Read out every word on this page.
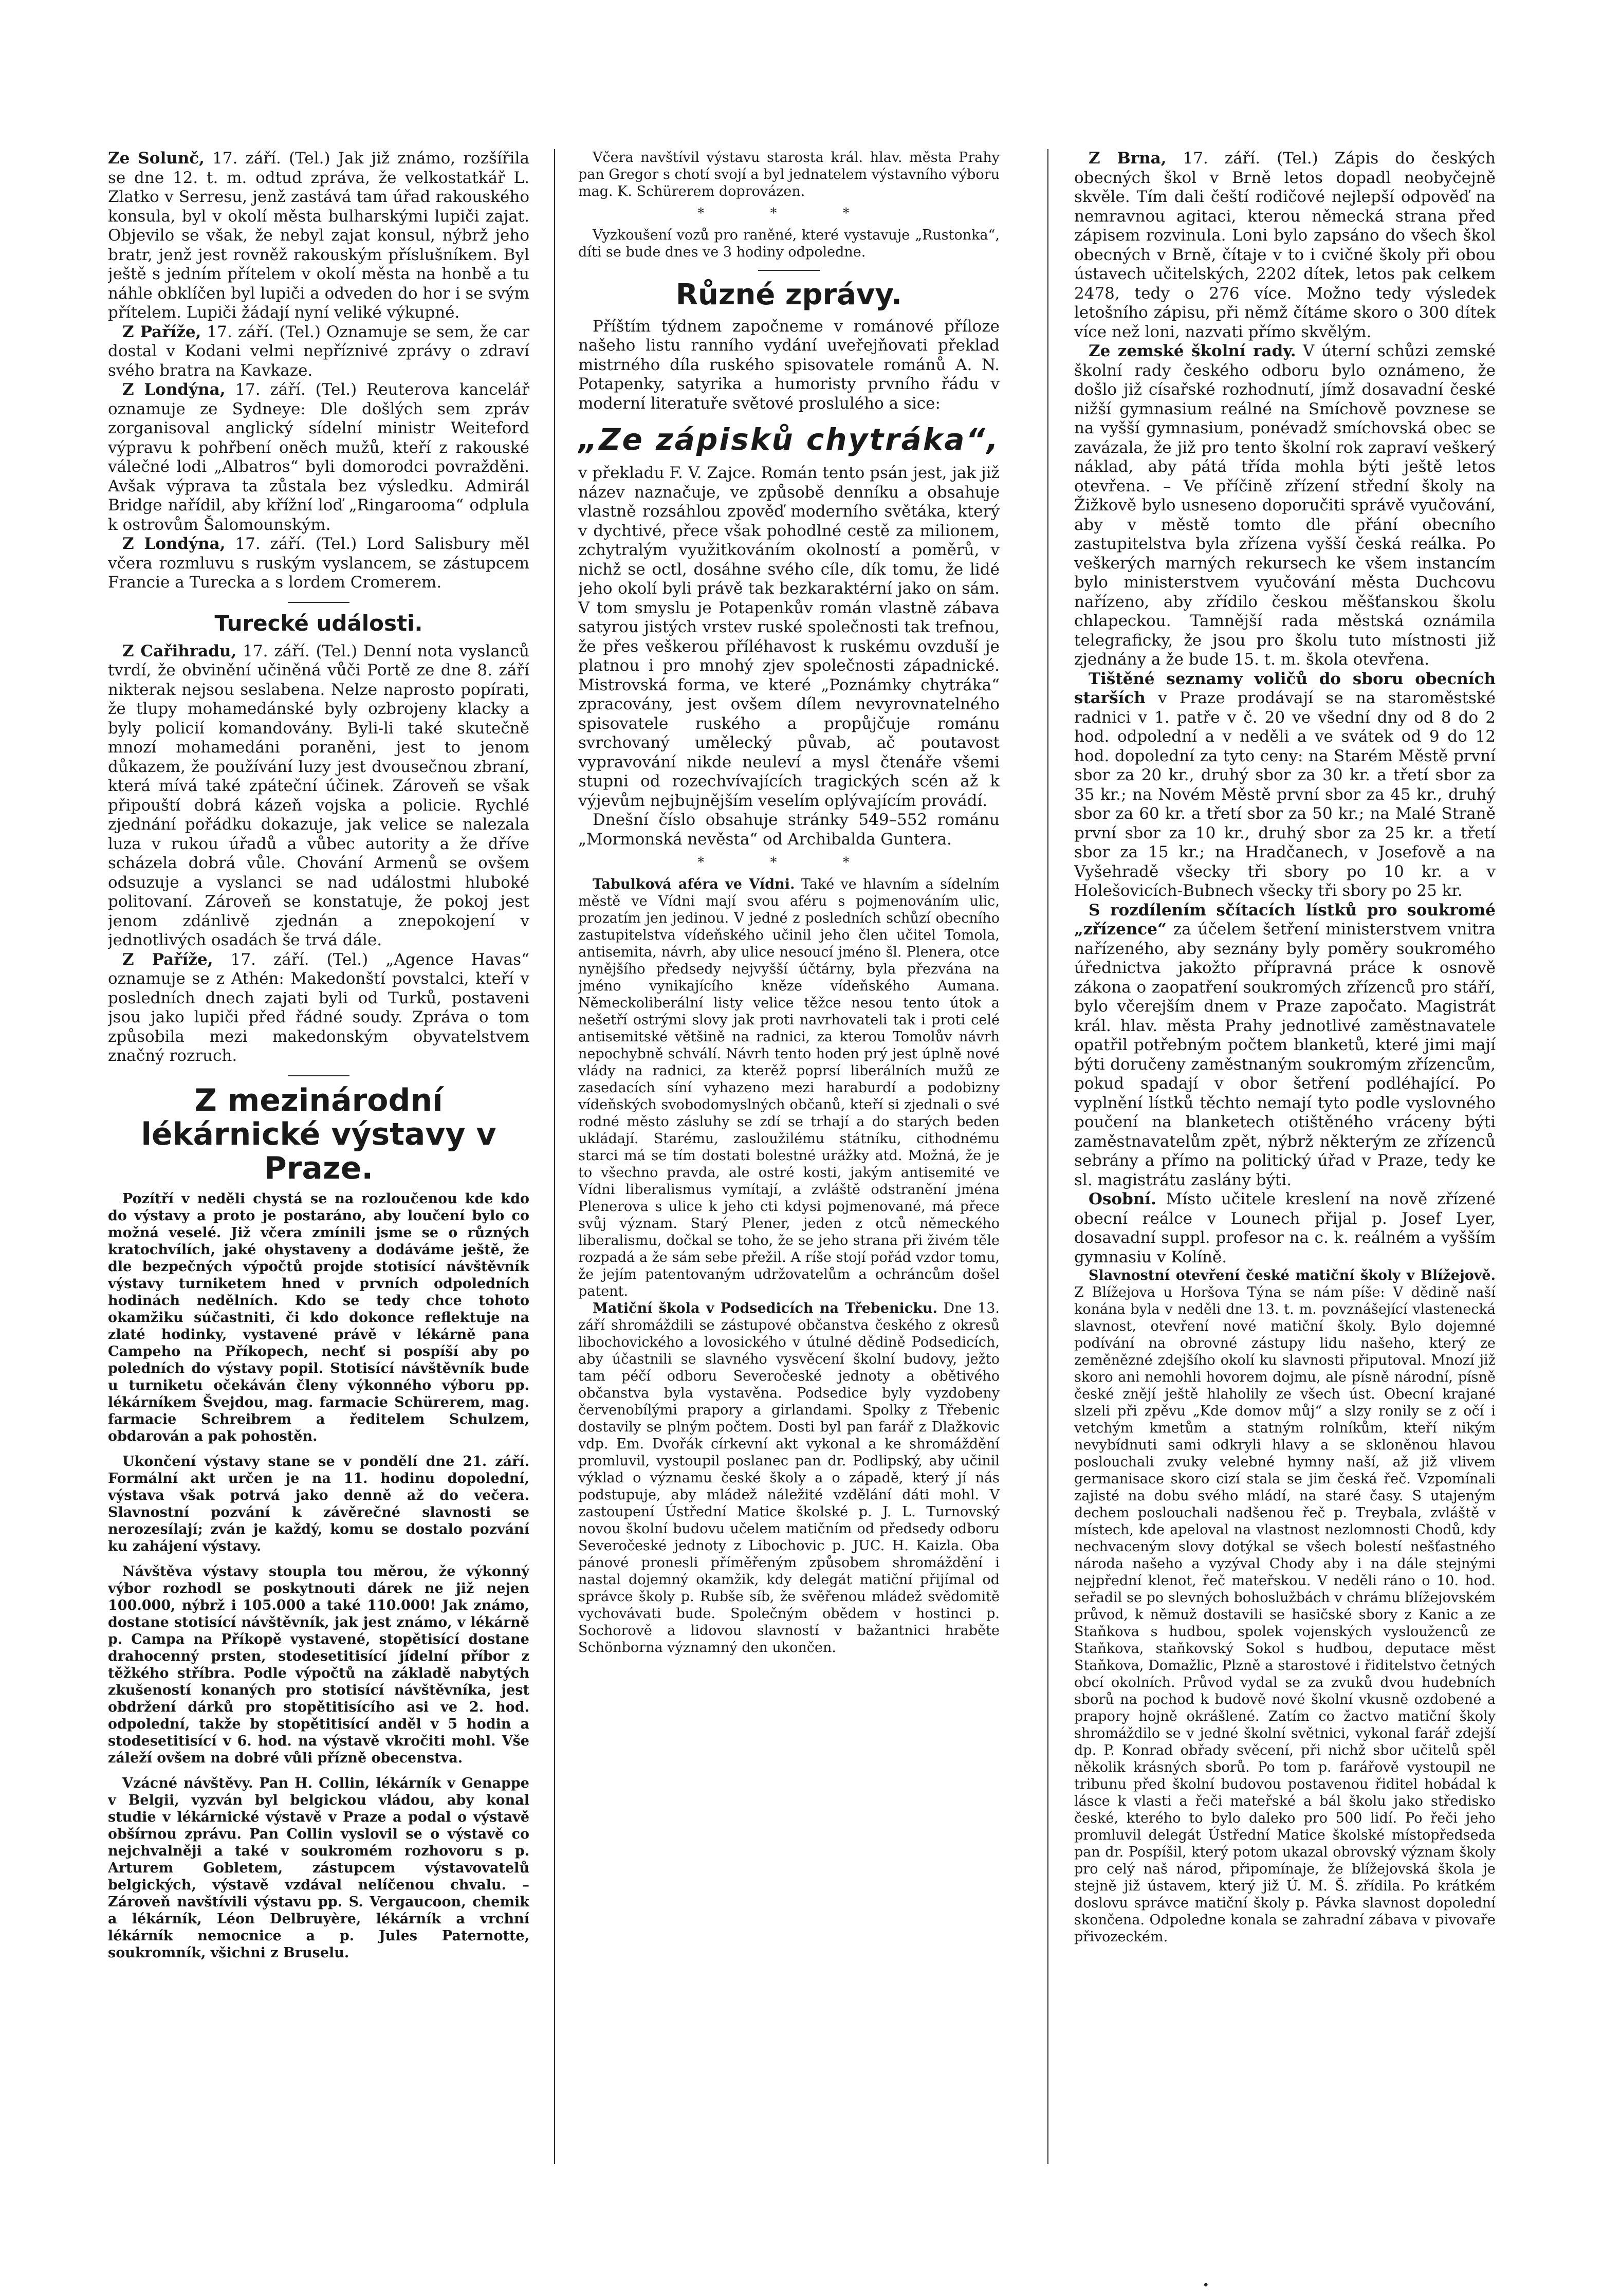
Ze Solunč, 17. září. (Tel.) Jak již známo, rozšířila se dne 12. t. m. odtud zpráva, že velkostatkář L. Zlatko v Serresu, jenž zastává tam úřad rakouského konsula, byl v okolí města bulharskými lupiči zajat. Objevilo se však, že nebyl zajat konsul, nýbrž jeho bratr, jenž jest rovněž rakouským příslušníkem. Byl ještě s jedním přítelem v okolí města na honbě a tu náhle obklíčen byl lupiči a odveden do hor i se svým přítelem. Lupiči žádají nyní veliké výkupné.

Z Paříže, 17. září. (Tel.) Oznamuje se sem, že car dostal v Kodani velmi nepříznivé zprávy o zdraví svého bratra na Kavkaze.

Z Londýna, 17. září. (Tel.) Reuterova kancelář oznamuje ze Sydneye: Dle došlých sem zpráv zorganisoval anglický sídelní ministr Weiteford výpravu k pohřbení oněch mužů, kteří z rakouské válečné lodi „Albatros“ byli domorodci povražděni. Avšak výprava ta zůstala bez výsledku. Admirál Bridge nařídil, aby křížní loď „Ringarooma“ odplula k ostrovům Šalomounským.

Z Londýna, 17. září. (Tel.) Lord Salisbury měl včera rozmluvu s ruským vyslancem, se zástupcem Francie a Turecka a s lordem Cromerem.

Turecké události.

Z Cařihradu, 17. září. (Tel.) Denní nota vyslanců tvrdí, že obvinění učiněná vůči Portě ze dne 8. září nikterak nejsou seslabena. Nelze naprosto popírati, že tlupy mohamedánské byly ozbrojeny klacky a byly policií komandovány. Byli-li také skutečně mnozí mohamedáni poraněni, jest to jenom důkazem, že používání luzy jest dvousečnou zbraní, která mívá také zpáteční účinek. Zároveň se však připouští dobrá kázeň vojska a policie. Rychlé zjednání pořádku dokazuje, jak velice se nalezala luza v rukou úřadů a vůbec autority a že dříve scházela dobrá vůle. Chování Armenů se ovšem odsuzuje a vyslanci se nad událostmi hluboké politovaní. Zároveň se konstatuje, že pokoj jest jenom zdánlivě zjednán a znepokojení v jednotlivých osadách še trvá dále.

Z Paříže, 17. září. (Tel.) „Agence Havas“ oznamuje se z Athén: Makedonští povstalci, kteří v posledních dnech zajati byli od Turků, postaveni jsou jako lupiči před řádné soudy. Zpráva o tom způsobila mezi makedonským obyvatelstvem značný rozruch.

Z mezinárodní lékárnické výstavy v Praze.

Pozítří v neděli chystá se na rozloučenou kde kdo do výstavy a proto je postaráno, aby loučení bylo co možná veselé. Již včera zmínili jsme se o různých kratochvílích, jaké ohystaveny a dodáváme ještě, že dle bezpečných výpočtů projde stotisící návštěvník výstavy turniketem hned v prvních odpoledních hodinách nedělních. Kdo se tedy chce tohoto okamžiku súčastniti, či kdo dokonce reflektuje na zlaté hodinky, vystavené právě v lékárně pana Campeho na Příkopech, nechť si pospíší aby po poledních do výstavy popil. Stotisící návštěvník bude u turniketu očekáván členy výkonného výboru pp. lékárníkem Švejdou, mag. farmacie Schürerem, mag. farmacie Schreibrem a ředitelem Schulzem, obdarován a pak pohostěn.

Ukončení výstavy stane se v pondělí dne 21. září. Formální akt určen je na 11. hodinu dopolední, výstava však potrvá jako denně až do večera. Slavnostní pozvání k závěrečné slavnosti se nerozesílají; zván je každý, komu se dostalo pozvání ku zahájení výstavy.

Návštěva výstavy stoupla tou měrou, že výkonný výbor rozhodl se poskytnouti dárek ne již nejen 100.000, nýbrž i 105.000 a také 110.000! Jak známo, dostane stotisící návštěvník, jak jest známo, v lékárně p. Campa na Příkopě vystavené, stopětisící dostane drahocenný prsten, stodesetitisící jídelní příbor z těžkého stříbra. Podle výpočtů na základě nabytých zkušeností konaných pro stotisící návštěvníka, jest obdržení dárků pro stopětitisícího asi ve 2. hod. odpolední, takže by stopětitisící anděl v 5 hodin a stodesetitisící v 6. hod. na výstavě vkročiti mohl. Vše záleží ovšem na dobré vůli přízně obecenstva.

Vzácné návštěvy. Pan H. Collin, lékárník v Genappe v Belgii, vyzván byl belgickou vládou, aby konal studie v lékárnické výstavě v Praze a podal o výstavě obšírnou zprávu. Pan Collin vyslovil se o výstavě co nejchvalněji a také v soukromém rozhovoru s p. Arturem Gobletem, zástupcem výstavovatelů belgických, výstavě vzdával nelíčenou chvalu. – Zároveň navštívili výstavu pp. S. Vergaucoon, chemik a lékárník, Léon Delbruyère, lékárník a vrchní lékárník nemocnice a p. Jules Paternotte, soukromník, všichni z Bruselu.

Včera navštívil výstavu starosta král. hlav. města Prahy pan Gregor s chotí svojí a byl jednatelem výstavního výboru mag. K. Schürerem doprovázen.

* * *

Vyzkoušení vozů pro raněné, které vystavuje „Rustonka“, díti se bude dnes ve 3 hodiny odpoledne.

Různé zprávy.

Příštím týdnem započneme v románové příloze našeho listu ranního vydání uveřejňovati překlad mistrného díla ruského spisovatele románů A. N. Potapenky, satyrika a humoristy prvního řádu v moderní literatuře světové proslulého a sice:

„Ze zápisků chytráka“,

v překladu F. V. Zajce. Román tento psán jest, jak již název naznačuje, ve způsobě denníku a obsahuje vlastně rozsáhlou zpověď moderního světáka, který v dychtivé, přece však pohodlné cestě za milionem, zchytralým využitkováním okolností a poměrů, v nichž se octl, dosáhne svého cíle, dík tomu, že lidé jeho okolí byli právě tak bezkaraktérní jako on sám. V tom smyslu je Potapenkův román vlastně zábava satyrou jistých vrstev ruské společnosti tak trefnou, že přes veškerou příléhavost k ruskému ovzduší je platnou i pro mnohý zjev společnosti západnické. Mistrovská forma, ve které „Poznámky chytráka“ zpracovány, jest ovšem dílem nevyrovnatelného spisovatele ruského a propůjčuje románu svrchovaný umělecký půvab, ač poutavost vypravování nikde neuleví a mysl čtenáře všemi stupni od rozechvívajících tragických scén až k výjevům nejbujnějším veselím oplývajícím provádí.

Dnešní číslo obsahuje stránky 549–552 románu „Mormonská nevěsta“ od Archibalda Guntera.

* * *

Tabulková aféra ve Vídni. Také ve hlavním a sídelním městě ve Vídni mají svou aféru s pojmenováním ulic, prozatím jen jedinou. V jedné z posledních schůzí obecního zastupitelstva vídeňského učinil jeho člen učitel Tomola, antisemita, návrh, aby ulice nesoucí jméno šl. Plenera, otce nynějšího předsedy nejvyšší účtárny, byla přezvána na jméno vynikajícího kněze vídeňského Aumana. Německoliberální listy velice těžce nesou tento útok a nešetří ostrými slovy jak proti navrhovateli tak i proti celé antisemitské většině na radnici, za kterou Tomolův návrh nepochybně schválí. Návrh tento hoden prý jest úplně nové vlády na radnici, za kterěž poprsí liberálních mužů ze zasedacích síní vyhazeno mezi haraburdí a podobizny vídeňských svobodomyslných občanů, kteří si zjednali o své rodné město zásluhy se zdí se trhají a do starých beden ukládají. Starému, zasloužilému státníku, cithodnému starci má se tím dostati bolestné urážky atd. Možná, že je to všechno pravda, ale ostré kosti, jakým antisemité ve Vídni liberalismus vymítají, a zvláště odstranění jména Plenerova s ulice k jeho cti kdysi pojmenované, má přece svůj význam. Starý Plener, jeden z otců německého liberalismu, dočkal se toho, že se jeho strana při živém těle rozpadá a že sám sebe přežil. A ríše stojí pořád vzdor tomu, že jejím patentovaným udržovatelům a ochráncům došel patent.

Matiční škola v Podsedicích na Třebenicku. Dne 13. září shromáždili se zástupové občanstva českého z okresů libochovického a lovosického v útulné dědině Podsedicích, aby účastnili se slavného vysvěcení školní budovy, ježto tam péčí odboru Severočeské jednoty a obětivého občanstva byla vystavěna. Podsedice byly vyzdobeny červenobílými prapory a girlandami. Spolky z Třebenic dostavily se plným počtem. Dosti byl pan farář z Dlažkovic vdp. Em. Dvořák církevní akt vykonal a ke shromáždění promluvil, vystoupil poslanec pan dr. Podlipský, aby učinil výklad o významu české školy a o západě, který jí nás podstupuje, aby mládež náležité vzdělání dáti mohl. V zastoupení Ústřední Matice školské p. J. L. Turnovský novou školní budovu učelem matičním od předsedy odboru Severočeské jednoty z Libochovic p. JUC. H. Kaizla. Oba pánové pronesli příměřeným způsobem shromáždění i nastal dojemný okamžik, kdy delegát matiční přijímal od správce školy p. Rubše síb, že svěřenou mládež svědomitě vychovávati bude. Společným obědem v hostinci p. Sochorově a lidovou slavností v bažantnici hraběte Schönborna významný den ukončen.

Z Brna, 17. září. (Tel.) Zápis do českých obecných škol v Brně letos dopadl neobyčejně skvěle. Tím dali čeští rodičové nejlepší odpověď na nemravnou agitaci, kterou německá strana před zápisem rozvinula. Loni bylo zapsáno do všech škol obecných v Brně, čítaje v to i cvičné školy při obou ústavech učitelských, 2202 dítek, letos pak celkem 2478, tedy o 276 více. Možno tedy výsledek letošního zápisu, při němž čítáme skoro o 300 dítek více než loni, nazvati přímo skvělým.

Ze zemské školní rady. V úterní schůzi zemské školní rady českého odboru bylo oznámeno, že došlo již císařské rozhodnutí, jímž dosavadní české nižší gymnasium reálné na Smíchově povznese se na vyšší gymnasium, ponévadž smíchovská obec se zavázala, že již pro tento školní rok zapraví veškerý náklad, aby pátá třída mohla býti ještě letos otevřena. – Ve příčině zřízení střední školy na Žižkově bylo usneseno doporučiti správě vyučování, aby v městě tomto dle přání obecního zastupitelstva byla zřízena vyšší česká reálka. Po veškerých marných rekursech ke všem instancím bylo ministerstvem vyučování města Duchcovu nařízeno, aby zřídilo českou měšťanskou školu chlapeckou. Tamnější rada městská oznámila telegraficky, že jsou pro školu tuto místnosti již zjednány a že bude 15. t. m. škola otevřena.

Tištěné seznamy voličů do sboru obecních starších v Praze prodávají se na staroměstské radnici v 1. patře v č. 20 ve všední dny od 8 do 2 hod. odpolední a v neděli a ve svátek od 9 do 12 hod. dopolední za tyto ceny: na Starém Městě první sbor za 20 kr., druhý sbor za 30 kr. a třetí sbor za 35 kr.; na Novém Městě první sbor za 45 kr., druhý sbor za 60 kr. a třetí sbor za 50 kr.; na Malé Straně první sbor za 10 kr., druhý sbor za 25 kr. a třetí sbor za 15 kr.; na Hradčanech, v Josefově a na Vyšehradě všecky tři sbory po 10 kr. a v Holešovicích-Bubnech všecky tři sbory po 25 kr.

S rozdílením sčítacích lístků pro soukromé „zřízence“ za účelem šetření ministerstvem vnitra nařízeného, aby seznány byly poměry soukromého úřednictva jakožto přípravná práce k osnově zákona o zaopatření soukromých zřízenců pro stáří, bylo včerejším dnem v Praze započato. Magistrát král. hlav. města Prahy jednotlivé zaměstnavatele opatřil potřebným počtem blanketů, které jimi mají býti doručeny zaměstnaným soukromým zřízencům, pokud spadají v obor šetření podléhající. Po vyplnění lístků těchto nemají tyto podle vyslovného poučení na blanketech otištěného vráceny býti zaměstnavatelům zpět, nýbrž některým ze zřízenců sebrány a přímo na politický úřad v Praze, tedy ke sl. magistrátu zaslány býti.

Osobní. Místo učitele kreslení na nově zřízené obecní reálce v Lounech přijal p. Josef Lyer, dosavadní suppl. profesor na c. k. reálném a vyšším gymnasiu v Kolíně.

Slavnostní otevření české matiční školy v Blížejově. Z Blížejova u Horšova Týna se nám píše: V dědině naší konána byla v neděli dne 13. t. m. povznášející vlastenecká slavnost, otevření nové matiční školy. Bylo dojemné podívání na obrovné zástupy lidu našeho, který ze zeměnězné zdejšího okolí ku slavnosti připutoval. Mnozí již skoro ani nemohli hovorem dojmu, ale písně národní, písně české znějí ještě hlaholily ze všech úst. Obecní krajané slzeli při zpěvu „Kde domov můj“ a slzy ronily se z očí i vetchým kmetům a statným rolníkům, kteří nikým nevybídnuti sami odkryli hlavy a se skloněnou hlavou poslouchali zvuky velebné hymny naší, až již vlivem germanisace skoro cizí stala se jim česká řeč. Vzpomínali zajisté na dobu svého mládí, na staré časy. S utajeným dechem poslouchali nadšenou řeč p. Treybala, zvláště v místech, kde apeloval na vlastnost nezlomnosti Chodů, kdy nechvaceným slovy dotýkal se všech bolestí nešťastného národa našeho a vyzýval Chody aby i na dále stejnými nejpřední klenot, řeč mateřskou. V neděli ráno o 10. hod. seřadil se po slevných bohoslužbách v chrámu blížejovském průvod, k němuž dostavili se hasičské sbory z Kanic a ze Staňkova s hudbou, spolek vojenských vyslouženců ze Staňkova, staňkovský Sokol s hudbou, deputace měst Staňkova, Domažlic, Plzně a starostové i řiditelstvo četných obcí okolních. Průvod vydal se za zvuků dvou hudebních sborů na pochod k budově nové školní vkusně ozdobené a prapory hojně okrášlené. Zatím co žactvo matiční školy shromáždilo se v jedné školní světnici, vykonal farář zdejší dp. P. Konrad obřady svěcení, při nichž sbor učitelů spěl několik krásných sborů. Po tom p. farářově vystoupil ne tribunu před školní budovou postavenou řiditel hobádal k lásce k vlasti a řeči mateřské a bál školu jako středisko české, kterého to bylo daleko pro 500 lidí. Po řeči jeho promluvil delegát Ústřední Matice školské místopředseda pan dr. Pospíšil, který potom ukazal obrovský význam školy pro celý naš národ, připomínaje, že blížejovská škola je stejně již ústavem, který již Ú. M. Š. zřídila. Po krátkém doslovu správce matiční školy p. Pávka slavnost dopolední skončena. Odpoledne konala se zahradní zábava v pivovaře přivozeckém.

·
